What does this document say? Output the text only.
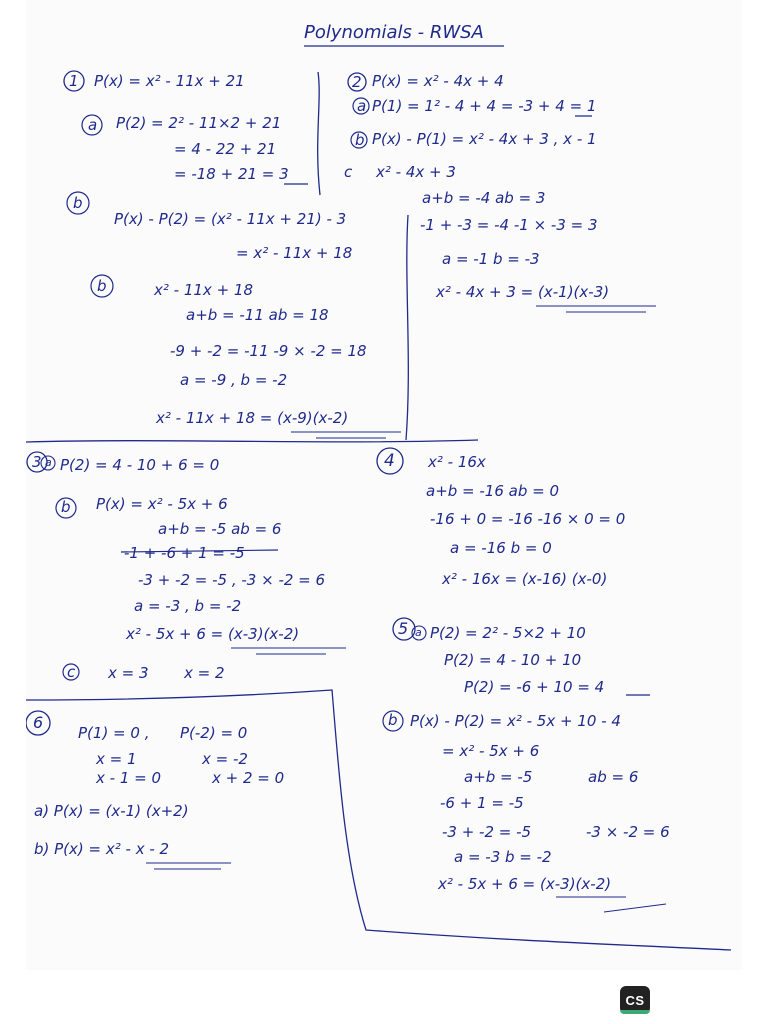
Polynomials - RWSA
1 P(x) = x² - 11x + 21
a P(2) = 2² - 11×2 + 21
= 4 - 22 + 21
= -18 + 21 = 3
b
P(x) - P(2) = (x² - 11x + 21) - 3
= x² - 11x + 18
b	x² - 11x + 18
a+b = -11 ab = 18
-9 + -2 = -11 -9 × -2 = 18
a = -9 , b = -2
x² - 11x + 18 = (x-9)(x-2)
2 P(x) = x² - 4x + 4
a P(1) = 1² - 4 + 4 = -3 + 4 = 1
b P(x) - P(1) = x² - 4x + 3 , x - 1
c x² - 4x + 3
a+b = -4 ab = 3
-1 + -3 = -4 -1 × -3 = 3
a = -1 b = -3
x² - 4x + 3 = (x-1)(x-3)
3 a P(2) = 4 - 10 + 6 = 0
b P(x) = x² - 5x + 6
a+b = -5 ab = 6
-1 + -6 + 1 = -5
-3 + -2 = -5 , -3 × -2 = 6
a = -3 , b = -2
x² - 5x + 6 = (x-3)(x-2)
c x = 3 x = 2
4 x² - 16x
a+b = -16 ab = 0
-16 + 0 = -16 -16 × 0 = 0
a = -16 b = 0
x² - 16x = (x-16) (x-0)
5 a P(2) = 2² - 5×2 + 10
P(2) = 4 - 10 + 10
P(2) = -6 + 10 = 4
b P(x) - P(2) = x² - 5x + 10 - 4
= x² - 5x + 6
a+b = -5	ab = 6
-6 + 1 = -5
-3 + -2 = -5	-3 × -2 = 6
a = -3 b = -2
x² - 5x + 6 = (x-3)(x-2)
6
P(1) = 0 , P(-2) = 0
x = 1	x = -2
x - 1 = 0	x + 2 = 0
a) P(x) = (x-1) (x+2)
b) P(x) = x² - x - 2
CS
